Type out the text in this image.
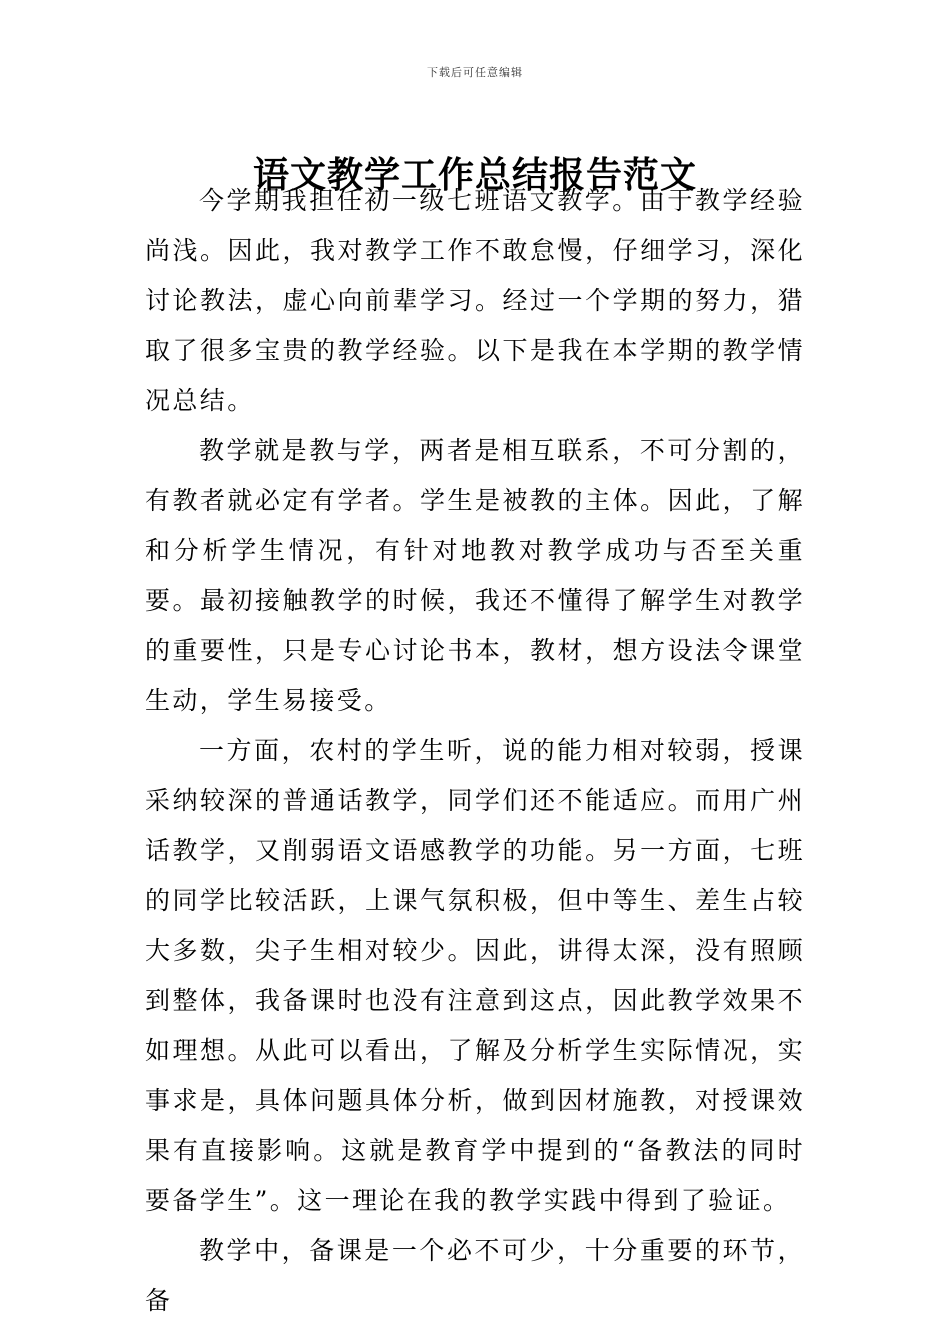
下载后可任意编辑
语文教学工作总结报告范文

今学期我担任初一级七班语文教学。由于教学经验尚浅。因此，我对教学工作不敢怠慢，仔细学习，深化讨论教法，虚心向前辈学习。经过一个学期的努力，猎取了很多宝贵的教学经验。以下是我在本学期的教学情况总结。

教学就是教与学，两者是相互联系，不可分割的，有教者就必定有学者。学生是被教的主体。因此，了解和分析学生情况，有针对地教对教学成功与否至关重要。最初接触教学的时候，我还不懂得了解学生对教学的重要性，只是专心讨论书本，教材，想方设法令课堂生动，学生易接受。

一方面，农村的学生听，说的能力相对较弱，授课采纳较深的普通话教学，同学们还不能适应。而用广州话教学，又削弱语文语感教学的功能。另一方面，七班的同学比较活跃，上课气氛积极，但中等生、差生占较大多数，尖子生相对较少。因此，讲得太深，没有照顾到整体，我备课时也没有注意到这点，因此教学效果不如理想。从此可以看出，了解及分析学生实际情况，实事求是，具体问题具体分析，做到因材施教，对授课效果有直接影响。这就是教育学中提到的“备教法的同时要备学生”。这一理论在我的教学实践中得到了验证。

教学中，备课是一个必不可少，十分重要的环节，备
